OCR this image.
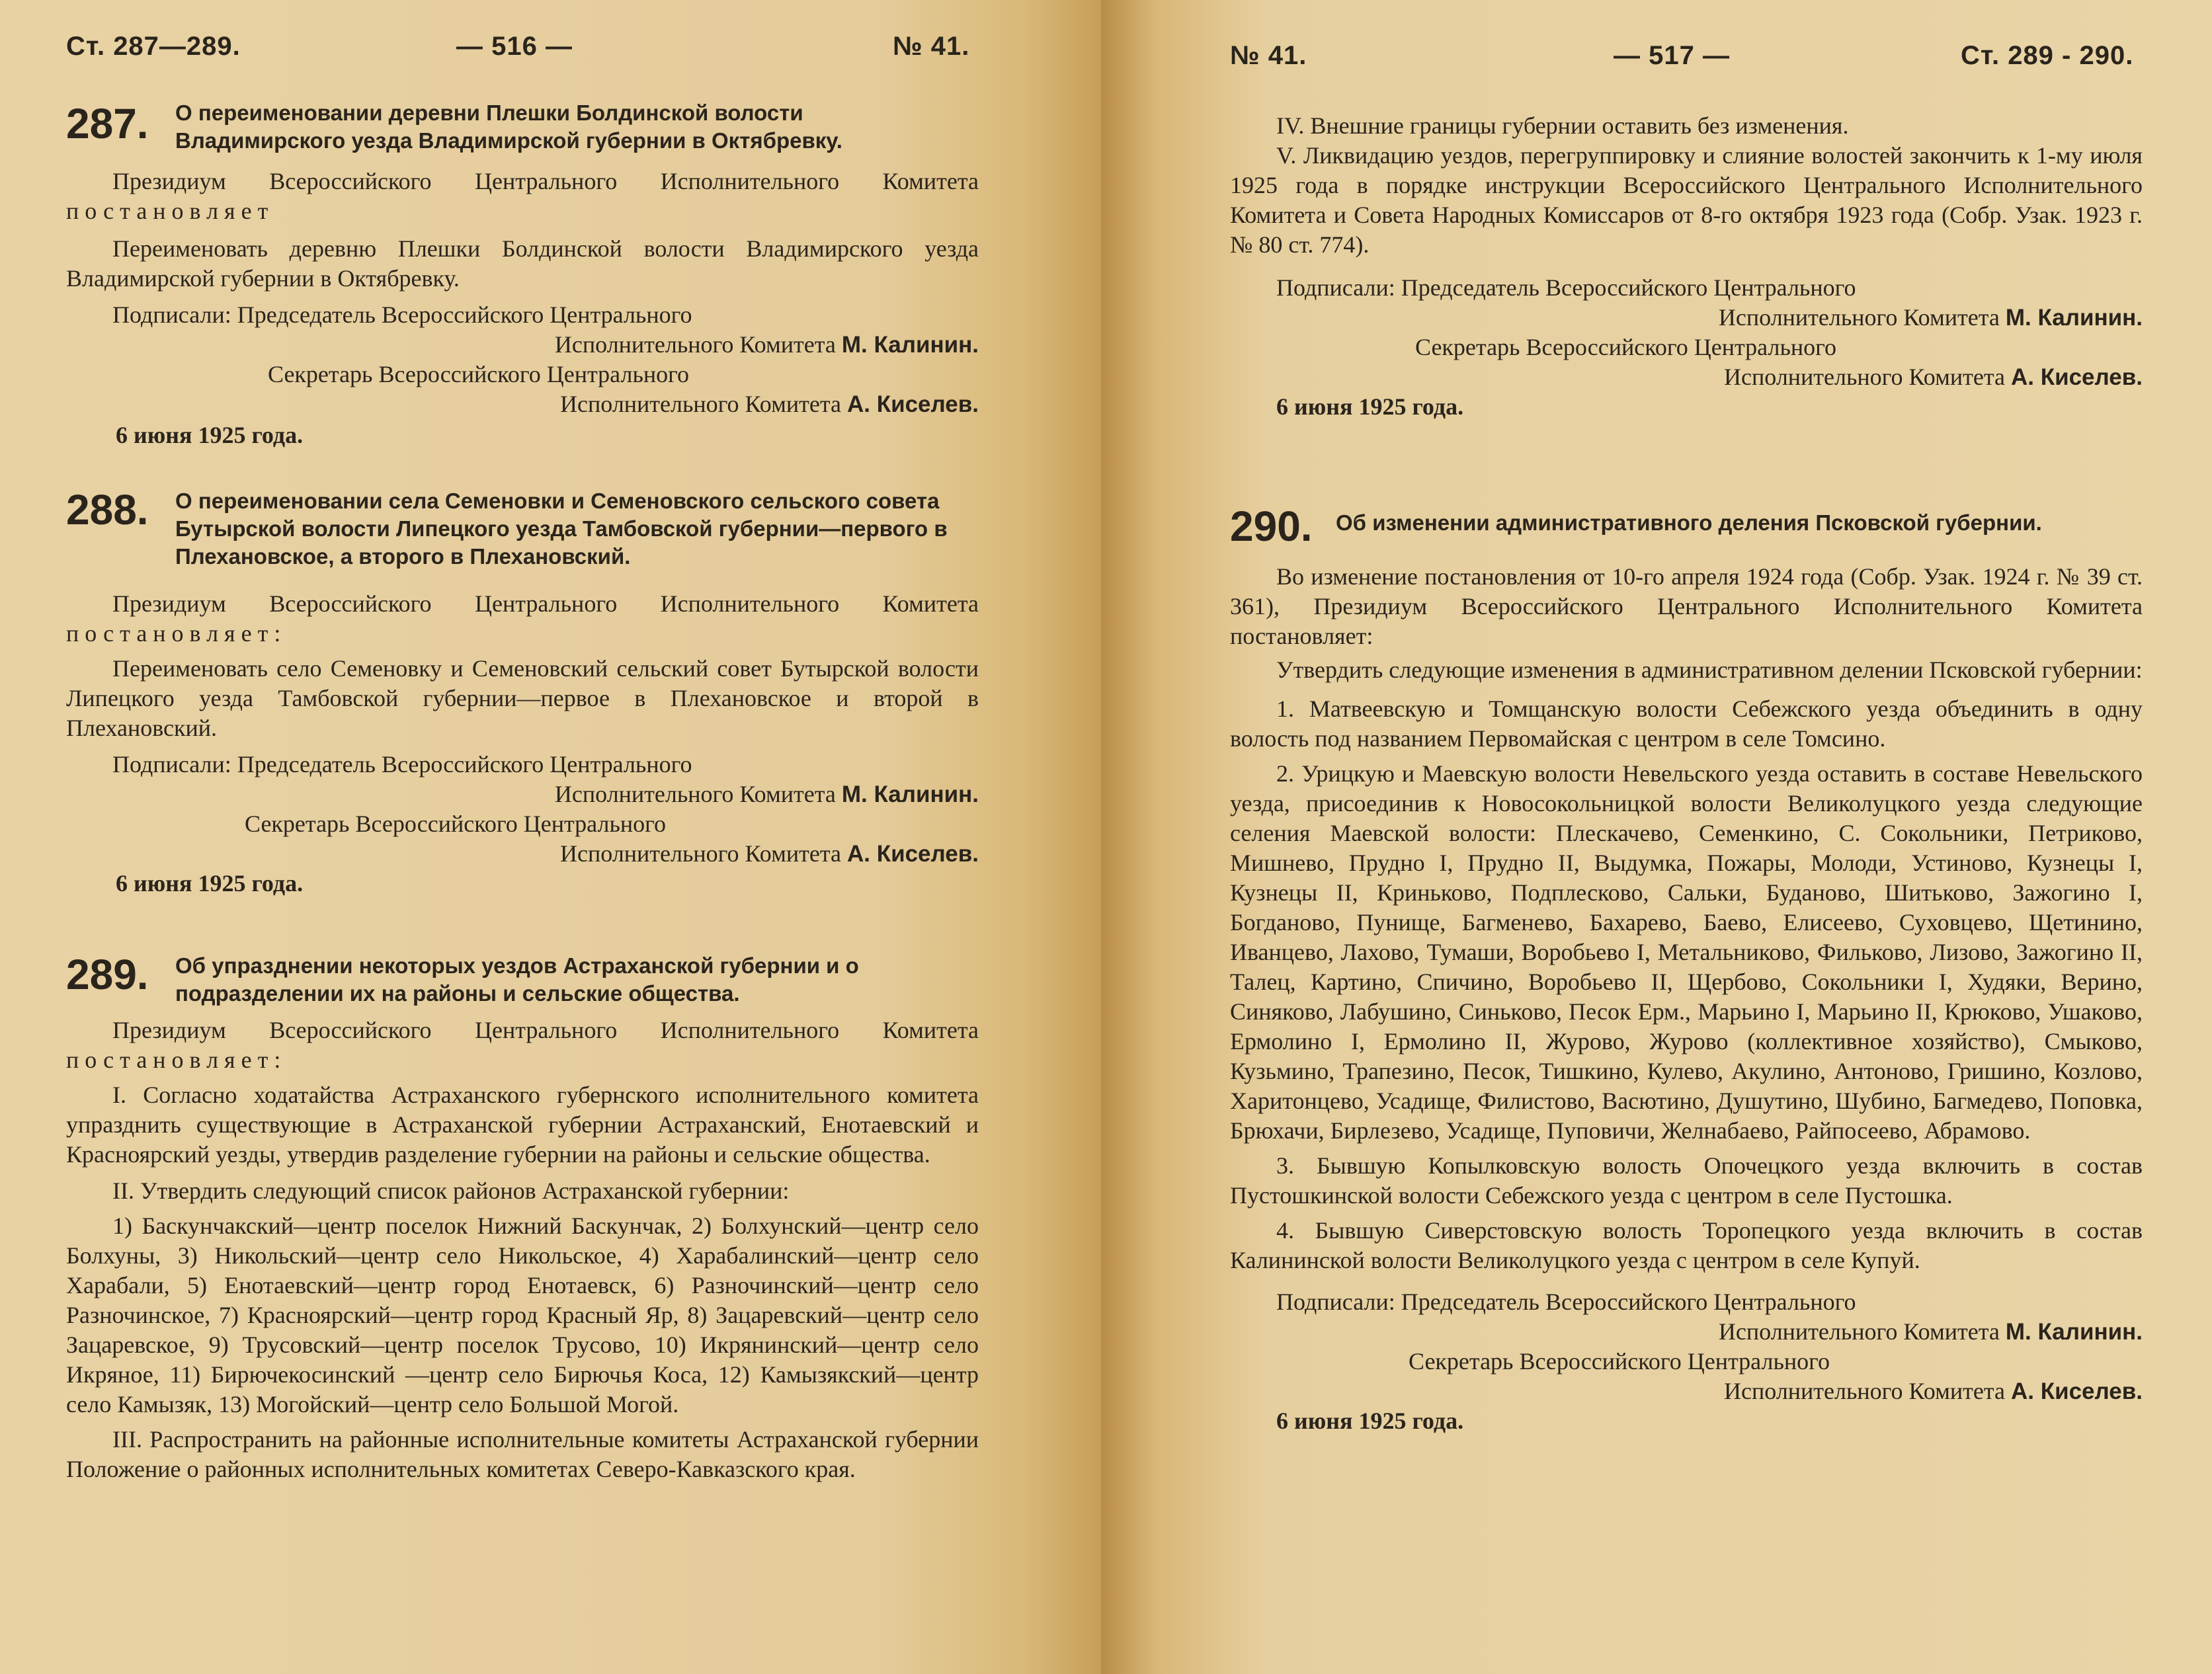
Ст. 287—289.	— 516 —	№ 41.
287. О переименовании деревни Плешки Болдинской волости Владимирского уезда Владимирской губернии в Октябревку.

Президиум Всероссийского Центрального Исполнительного Комитета постановляет

Переименовать деревню Плешки Болдинской волости Владимирского уезда Владимирской губернии в Октябревку.

Подписали: Председатель Всероссийского Центрального

Исполнительного Комитета М. Калинин.

Секретарь Всероссийского Центрального

Исполнительного Комитета А. Киселев.

6 июня 1925 года.

288. О переименовании села Семеновки и Семеновского сельского совета Бутырской волости Липецкого уезда Тамбовской губернии—первого в Плехановское, а второго в Плехановский.

Президиум Всероссийского Центрального Исполнительного Комитета постановляет:

Переименовать село Семеновку и Семеновский сельский совет Бутырской волости Липецкого уезда Тамбовской губернии—первое в Плехановское и второй в Плехановский.

Подписали: Председатель Всероссийского Центрального

Исполнительного Комитета М. Калинин.

Секретарь Всероссийского Центрального

Исполнительного Комитета А. Киселев.

6 июня 1925 года.

289. Об упразднении некоторых уездов Астраханской губернии и о подразделении их на районы и сельские общества.

Президиум Всероссийского Центрального Исполнительного Комитета постановляет:

I. Согласно ходатайства Астраханского губернского исполнительного комитета упразднить существующие в Астраханской губернии Астраханский, Енотаевский и Красноярский уезды, утвердив разделение губернии на районы и сельские общества.

II. Утвердить следующий список районов Астраханской губернии:

1) Баскунчакский—центр поселок Нижний Баскунчак, 2) Болхунский—центр село Болхуны, 3) Никольский—центр село Никольское, 4) Харабалинский—центр село Харабали, 5) Енотаевский—центр город Енотаевск, 6) Разночинский—центр село Разночинское, 7) Красноярский—центр город Красный Яр, 8) Зацаревский—центр село Зацаревское, 9) Трусовский—центр поселок Трусово, 10) Икрянинский—центр село Икряное, 11) Бирючекосинский —центр село Бирючья Коса, 12) Камызякский—центр село Камызяк, 13) Могойский—центр село Большой Могой.

III. Распространить на районные исполнительные комитеты Астраханской губернии Положение о районных исполнительных комитетах Северо-Кавказского края.

№ 41.	— 517 —	Ст. 289 - 290.

IV. Внешние границы губернии оставить без изменения.

V. Ликвидацию уездов, перегруппировку и слияние волостей закончить к 1-му июля 1925 года в порядке инструкции Всероссийского Центрального Исполнительного Комитета и Совета Народных Комиссаров от 8-го октября 1923 года (Собр. Узак. 1923 г. № 80 ст. 774).

Подписали: Председатель Всероссийского Центрального

Исполнительного Комитета М. Калинин.

Секретарь Всероссийского Центрального

Исполнительного Комитета А. Киселев.

6 июня 1925 года.

290. Об изменении административного деления Псковской губернии.

Во изменение постановления от 10-го апреля 1924 года (Собр. Узак. 1924 г. № 39 ст. 361), Президиум Всероссийского Центрального Исполнительного Комитета постановляет:

Утвердить следующие изменения в административном делении Псковской губернии:

1. Матвеевскую и Томщанскую волости Себежского уезда объединить в одну волость под названием Первомайская с центром в селе Томсино.

2. Урицкую и Маевскую волости Невельского уезда оставить в составе Невельского уезда, присоединив к Новосокольницкой волости Великолуцкого уезда следующие селения Маевской волости: Плескачево, Семенкино, С. Сокольники, Петриково, Мишнево, Прудно I, Прудно II, Выдумка, Пожары, Молоди, Устиново, Кузнецы I, Кузнецы II, Криньково, Подплесково, Сальки, Буданово, Шитьково, Зажогино I, Богданово, Пунище, Багменево, Бахарево, Баево, Елисеево, Суховцево, Щетинино, Иванцево, Лахово, Тумаши, Воробьево I, Метальниково, Фильково, Лизово, Зажогино II, Талец, Картино, Спичино, Воробьево II, Щербово, Сокольники I, Худяки, Верино, Синяково, Лабушино, Синьково, Песок Ерм., Марьино I, Марьино II, Крюково, Ушаково, Ермолино I, Ермолино II, Журово, Журово (коллективное хозяйство), Смыково, Кузьмино, Трапезино, Песок, Тишкино, Кулево, Акулино, Антоново, Гришино, Козлово, Харитонцево, Усадище, Филистово, Васютино, Душутино, Шубино, Багмедево, Поповка, Брюхачи, Бирлезево, Усадище, Пуповичи, Желнабаево, Райпосеево, Абрамово.

3. Бывшую Копылковскую волость Опочецкого уезда включить в состав Пустошкинской волости Себежского уезда с центром в селе Пустошка.

4. Бывшую Сиверстовскую волость Торопецкого уезда включить в состав Калининской волости Великолуцкого уезда с центром в селе Купуй.

Подписали: Председатель Всероссийского Центрального

Исполнительного Комитета М. Калинин.

Секретарь Всероссийского Центрального

Исполнительного Комитета А. Киселев.

6 июня 1925 года.
